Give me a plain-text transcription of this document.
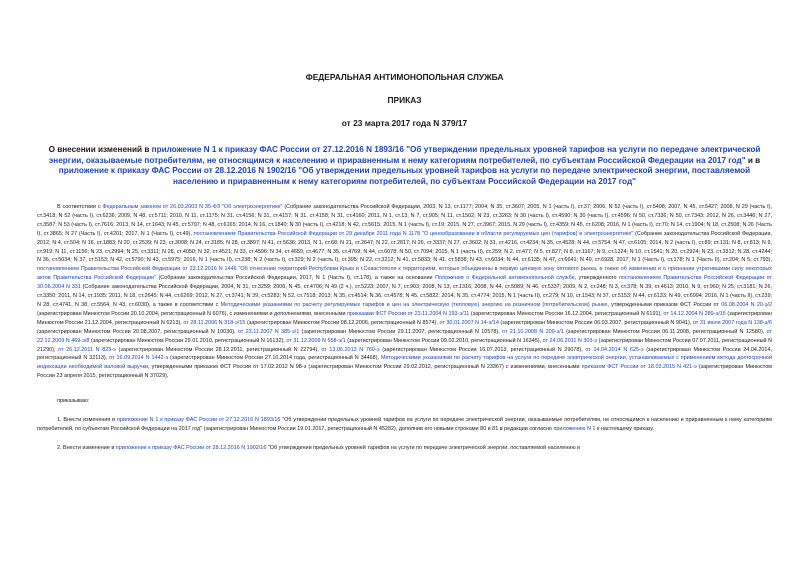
ФЕДЕРАЛЬНАЯ АНТИМОНОПОЛЬНАЯ СЛУЖБА
ПРИКАЗ
от 23 марта 2017 года N 379/17
О внесении изменений в приложение N 1 к приказу ФАС России от 27.12.2016 N 1893/16 "Об утверждении предельных уровней тарифов на услуги по передаче электрической энергии, оказываемые потребителям, не относящимся к населению и приравненным к нему категориям потребителей, по субъектам Российской Федерации на 2017 год" и в приложение к приказу ФАС России от 28.12.2016 N 1902/16 "Об утверждении предельных уровней тарифов на услуги по передаче электрической энергии, поставляемой населению и приравненным к нему категориям потребителей, по субъектам Российской Федерации на 2017 год"

В соответствии с Федеральным законом от 26.03.2003 N 35-ФЗ "Об электроэнергетике" (Собрание законодательства Российской Федерации, 2003, N 13, ст.1177; 2004, N 35, ст.3607; 2005, N 1 (часть I), ст.37; 2006, N 52 (часть I), ст.5498; 2007, N 45, ст.5427; 2008, N 29 (часть I), ст.3418; N 52 (часть I), ст.6236; 2009, N 48, ст.5711; 2010, N 11, ст.1175; N 31, ст.4156; N 31, ст.4157; N 31, ст.4158; N 31, ст.4160; 2011, N 1, ст.13; N 7, ст.905; N 11, ст.1502; N 23, ст.3263; N 30 (часть I), ст.4590; N 30 (часть I), ст.4596; N 50, ст.7336; N 50, ст.7343; 2012, N 26, ст.3446; N 27, ст.3587; N 53 (часть I), ст.7616; 2013, N 14, ст.1643; N 45, ст.5797; N 48, ст.6165; 2014, N 16, ст.1840; N 30 (часть I), ст.4218; N 42, ст.5615; 2015, N 1 (часть I), ст.19; 2015, N 27, ст.3967; 2015, N 29 (часть I), ст.4359; N 45, ст.6208; 2016, N 1 (часть I), ст.70; N 14, ст.1904; N 18, ст.2508; N 26 (Часть I), ст.3865; N 27 (Часть I), ст.4201; 2017, N 1 (Часть I), ст.49), постановлением Правительства Российской Федерации от 29 декабря 2011 года N 1178 "О ценообразовании в области регулируемых цен (тарифов) в электроэнергетике" (Собрание законодательства Российской Федерации, 2012, N 4, ст.504; N 16, ст.1883; N 20, ст.2539; N 23, ст.3008; N 24, ст.3185; N 28, ст.3897; N 41, ст.5636; 2013, N 1, ст.68; N 21, ст.2647; N 22, ст.2817; N 26, ст.3337; N 27, ст.3602; N 31, ст.4216, ст.4234; N 35, ст.4528; N 44, ст.5754; N 47, ст.6105; 2014, N 2 (часть I), ст.89; ст.131; N 8, ст.813; N 9, ст.919; N 11, ст.1156; N 23, ст.2994; N 25, ст.3311; N 28, ст.4050; N 32, ст.4521; N 33, ст.4596; N 34, ст.4659, ст.4677; N 35, ст.4769; N 44, ст.6078; N 50, ст.7094; 2015, N 1 (часть II), ст.259; N 2, ст.477; N 5, ст.827; N 8, ст.1167; N 9, ст.1324; N 10, ст.1541; N 20, ст.2924; N 23, ст.3312; N 28, ст.4244; N 36, ст.5034; N 37, ст.5153; N 42, ст.5790; N 43, ст.5975; 2016, N 1 (часть II), ст.238; N 2 (часть I), ст.329; N 2 (часть I), ст.395; N 22, ст.3212; N 41, ст.5833; N 41, ст.5838; N 43, ст.6034; N 44, ст.6135; N 47, ст.6641; N 49, ст.6928, 2017, N 1 (Часть I), ст.178; N 1 (Часть II), ст.204; N 5, ст.793), постановлением Правительства Российской Федерации от 23.12.2016 N 1446 "Об отнесении территорий Республики Крым и г.Севастополя к территориям, которые объединены в первую ценовую зону оптового рынка, а также об изменении и о признании утратившими силу некоторых актов Правительства Российской Федерации" (Собрание законодательства Российской Федерации, 2017, N 1 (Часть I), ст.178), а также на основании Положения о Федеральной антимонопольной службе, утвержденного постановлением Правительства Российской Федерации от 30.06.2004 N 331 (Собрание законодательства Российской Федерации, 2004, N 31, ст.3259; 2006, N 45, ст.4706; N 49 (2 ч.), ст.5223; 2007, N 7, ст.903; 2008, N 13, ст.1316; 2008, N 44, ст.5089; N 46, ст.5337; 2009, N 2, ст.248; N 3, ст.378; N 39, ст.4613; 2010, N 9, ст.960; N 25, ст.3181; N 26, ст.3350; 2011, N 14, ст.1935; 2011, N 18, ст.2645; N 44, ст.6269; 2012, N 27, ст.3741; N 39, ст.5283; N 52, ст.7518; 2013, N 35, ст.4514; N 36, ст.4578; N 45, ст.5822; 2014, N 35, ст.4774; 2015, N 1 (часть II), ст.279; N 10, ст.1543; N 37, ст.5153; N 44, ст.6133; N 49, ст.6994; 2016, N 1 (часть II), ст.239; N 28, ст.4741, N 38, ст.5564, N 43, ст.6030), а также в соответствии с Методическими указаниями по расчету регулируемых тарифов и цен на электрическую (тепловую) энергию на розничном (потребительском) рынке, утвержденными приказом ФСТ России от 06.08.2004 N 20-э/2 (зарегистрирован Минюстом России 20.10.2004, регистрационный N 6076), с изменениями и дополнениями, внесенными приказами ФСТ России от 23.11.2004 N 193-э/11 (зарегистрирован Минюстом России 16.12.2004, регистрационный N 6191), от 14.12.2004 N 289-э/15 (зарегистрирован Минюстом России 21.12.2004, регистрационный N 6213), от 28.11.2006 N 318-э/15 (зарегистрирован Минюстом России 08.12.2006, регистрационный N 8574), от 30.01.2007 N 14-э/14 (зарегистрирован Минюстом России 06.03.2007, регистрационный N 9041), от 31 июля 2007 года N 138-э/6 (зарегистрирован Минюстом России 20.08.2007, регистрационный N 10030), от 23.11.2007 N 385-э/1 (зарегистрирован Минюстом России 29.11.2007, регистрационный N 10578), от 21.10.2008 N 209-э/1 (зарегистрирован Минюстом России 06.11.2008, регистрационный N 12580), от 22.12.2009 N 469-э/8 (зарегистрирован Минюстом России 29.01.2010, регистрационный N 16132), от 31.12.2009 N 558-э/1 (зарегистрирован Минюстом России 09.02.2010, регистрационный N 16345), от 24.06.2011 N 303-э (зарегистрирован Минюстом России 07.07.2011, регистрационный N 21290), от 26.12.2011 N 823-э (зарегистрирован Минюстом России 28.12.2011, регистрационный N 22794), от 13.06.2013 N 760-э (зарегистрирован Минюстом России 16.07.2013, регистрационный N 29078), от 14.04.2014 N 625-э (зарегистрирован Минюстом России 24.04.2014, регистрационный N 32113), от 16.09.2014 N 1442-э (зарегистрирован Минюстом России 27.10.2014 года, регистрационный N 34468), Методическими указаниями по расчету тарифов на услуги по передаче электрической энергии, устанавливаемых с применением метода долгосрочной индексации необходимой валовой выручки, утвержденными приказом ФСТ России от 17.02.2012 N 98-э (зарегистрирован Минюстом России 29.02.2012, регистрационный N 23367) с изменениями, внесенными приказом ФСТ России от 18.03.2015 N 421-э (зарегистрирован Минюстом России 23 апреля 2015, регистрационный N 37029),

приказываю:

1. Внести изменения в приложение N 1 к приказу ФАС России от 27.12.2016 N 1893/16 "Об утверждении предельных уровней тарифов на услуги по передаче электрической энергии, оказываемые потребителям, не относящимся к населению и приравненным к нему категориям потребителей, по субъектам Российской Федерации на 2017 год" (зарегистрирован Минюстом России 19.01.2017, регистрационный N 45282), дополнив его новыми строками 80 и 81 в редакции согласно приложению N 1 к настоящему приказу.

2. Внести изменение в приложение к приказу ФАС России от 28.12.2016 N 1902/16 "Об утверждении предельных уровней тарифов на услуги по передаче электрической энергии, поставляемой населению и
